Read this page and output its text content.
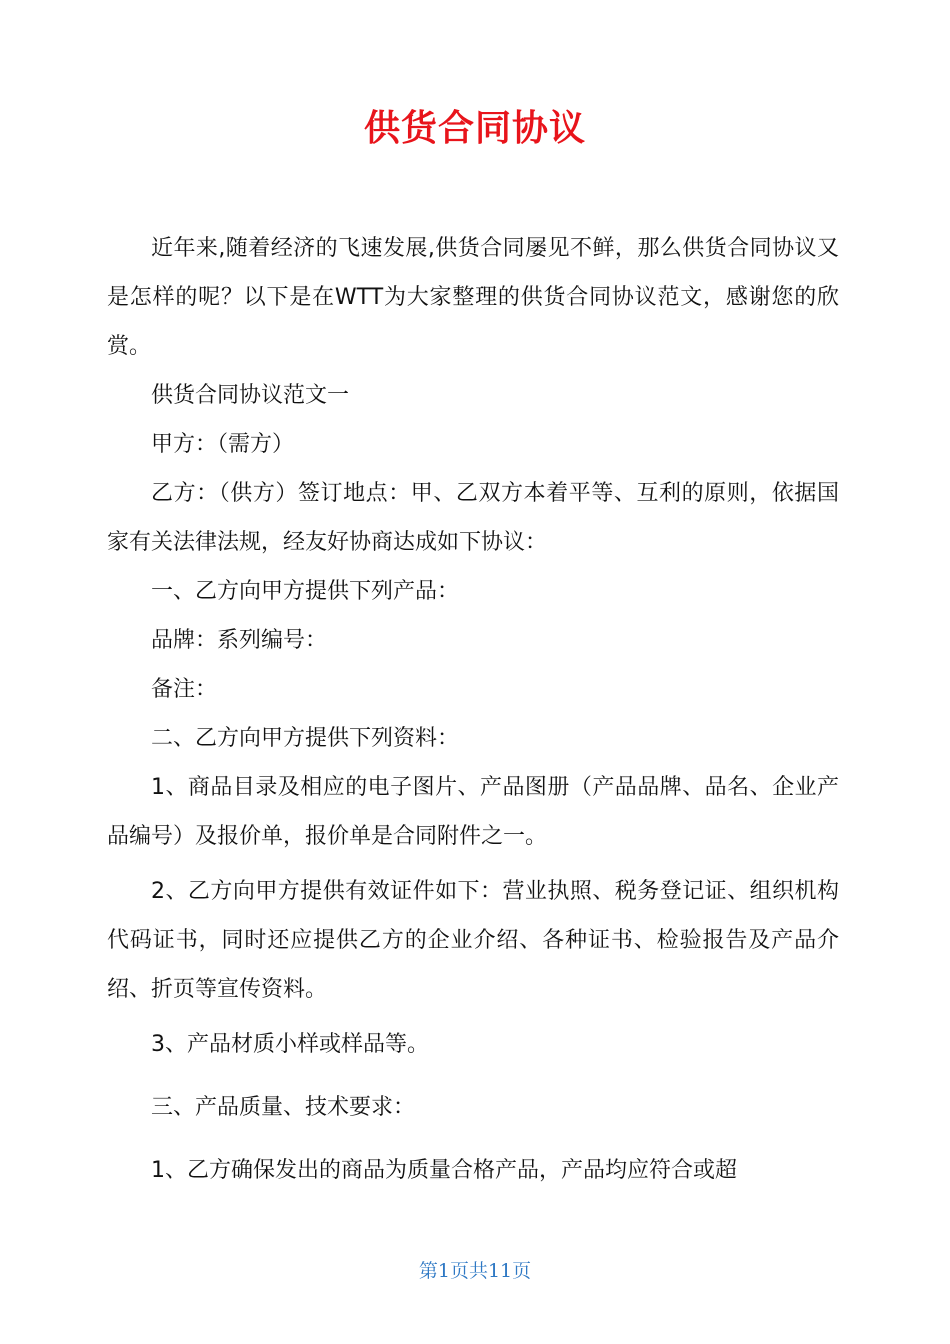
供货合同协议

近年来,随着经济的飞速发展,供货合同屡见不鲜，那么供货合同协议又是怎样的呢？以下是在WTT为大家整理的供货合同协议范文，感谢您的欣赏。

供货合同协议范文一

甲方：（需方）

乙方：（供方）签订地点：甲、乙双方本着平等、互利的原则，依据国家有关法律法规，经友好协商达成如下协议：

一、乙方向甲方提供下列产品：

品牌：系列编号：

备注：

二、乙方向甲方提供下列资料：

1、商品目录及相应的电子图片、产品图册（产品品牌、品名、企业产品编号）及报价单，报价单是合同附件之一。

2、乙方向甲方提供有效证件如下：营业执照、税务登记证、组织机构代码证书，同时还应提供乙方的企业介绍、各种证书、检验报告及产品介绍、折页等宣传资料。

3、产品材质小样或样品等。

三、产品质量、技术要求：

1、乙方确保发出的商品为质量合格产品，产品均应符合或超

第1页共11页
